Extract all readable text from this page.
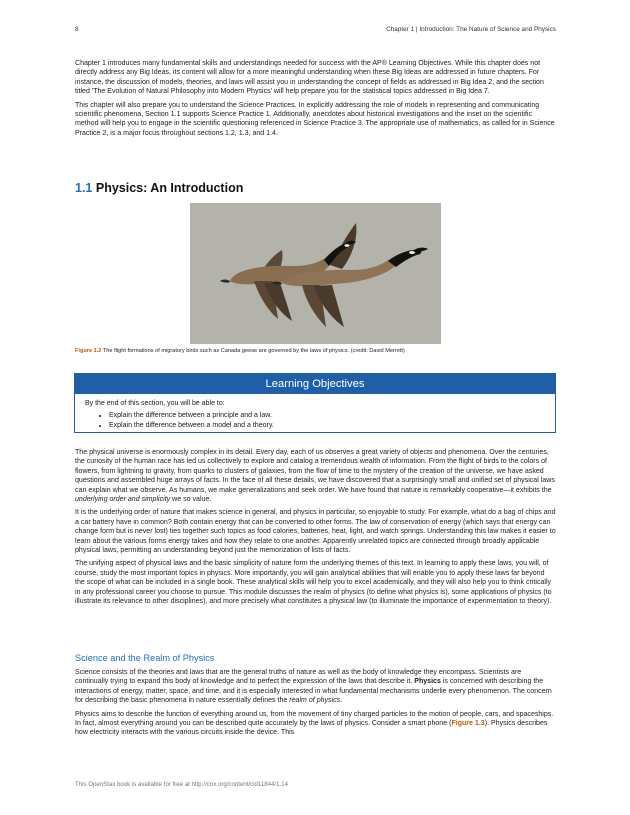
8	Chapter 1 | Introduction: The Nature of Science and Physics

Chapter 1 introduces many fundamental skills and understandings needed for success with the AP® Learning Objectives. While this chapter does not directly address any Big Ideas, its content will allow for a more meaningful understanding when these Big Ideas are addressed in future chapters. For instance, the discussion of models, theories, and laws will assist you in understanding the concept of fields as addressed in Big Idea 2, and the section titled 'The Evolution of Natural Philosophy into Modern Physics' will help prepare you for the statistical topics addressed in Big Idea 7.

This chapter will also prepare you to understand the Science Practices. In explicitly addressing the role of models in representing and communicating scientific phenomena, Section 1.1 supports Science Practice 1. Additionally, anecdotes about historical investigations and the inset on the scientific method will help you to engage in the scientific questioning referenced in Science Practice 3. The appropriate use of mathematics, as called for in Science Practice 2, is a major focus throughout sections 1.2, 1.3, and 1.4.

1.1 Physics: An Introduction
Figure 1.2 The flight formations of migratory birds such as Canada geese are governed by the laws of physics. (credit: David Merrett)
Learning Objectives
By the end of this section, you will be able to:
• Explain the difference between a principle and a law.
• Explain the difference between a model and a theory.

The physical universe is enormously complex in its detail. Every day, each of us observes a great variety of objects and phenomena. Over the centuries, the curiosity of the human race has led us collectively to explore and catalog a tremendous wealth of information. From the flight of birds to the colors of flowers, from lightning to gravity, from quarks to clusters of galaxies, from the flow of time to the mystery of the creation of the universe, we have asked questions and assembled huge arrays of facts. In the face of all these details, we have discovered that a surprisingly small and unified set of physical laws can explain what we observe. As humans, we make generalizations and seek order. We have found that nature is remarkably cooperative—it exhibits the underlying order and simplicity we so value.

It is the underlying order of nature that makes science in general, and physics in particular, so enjoyable to study. For example, what do a bag of chips and a car battery have in common? Both contain energy that can be converted to other forms. The law of conservation of energy (which says that energy can change form but is never lost) ties together such topics as food calories, batteries, heat, light, and watch springs. Understanding this law makes it easier to learn about the various forms energy takes and how they relate to one another. Apparently unrelated topics are connected through broadly applicable physical laws, permitting an understanding beyond just the memorization of lists of facts.

The unifying aspect of physical laws and the basic simplicity of nature form the underlying themes of this text. In learning to apply these laws, you will, of course, study the most important topics in physics. More importantly, you will gain analytical abilities that will enable you to apply these laws far beyond the scope of what can be included in a single book. These analytical skills will help you to excel academically, and they will also help you to think critically in any professional career you choose to pursue. This module discusses the realm of physics (to define what physics is), some applications of physics (to illustrate its relevance to other disciplines), and more precisely what constitutes a physical law (to illuminate the importance of experimentation to theory).

Science and the Realm of Physics

Science consists of the theories and laws that are the general truths of nature as well as the body of knowledge they encompass. Scientists are continually trying to expand this body of knowledge and to perfect the expression of the laws that describe it. Physics is concerned with describing the interactions of energy, matter, space, and time, and it is especially interested in what fundamental mechanisms underlie every phenomenon. The concern for describing the basic phenomena in nature essentially defines the realm of physics.

Physics aims to describe the function of everything around us, from the movement of tiny charged particles to the motion of people, cars, and spaceships. In fact, almost everything around you can be described quite accurately by the laws of physics. Consider a smart phone (Figure 1.3). Physics describes how electricity interacts with the various circuits inside the device. This

This OpenStax book is available for free at http://cnx.org/content/col11844/1.14
